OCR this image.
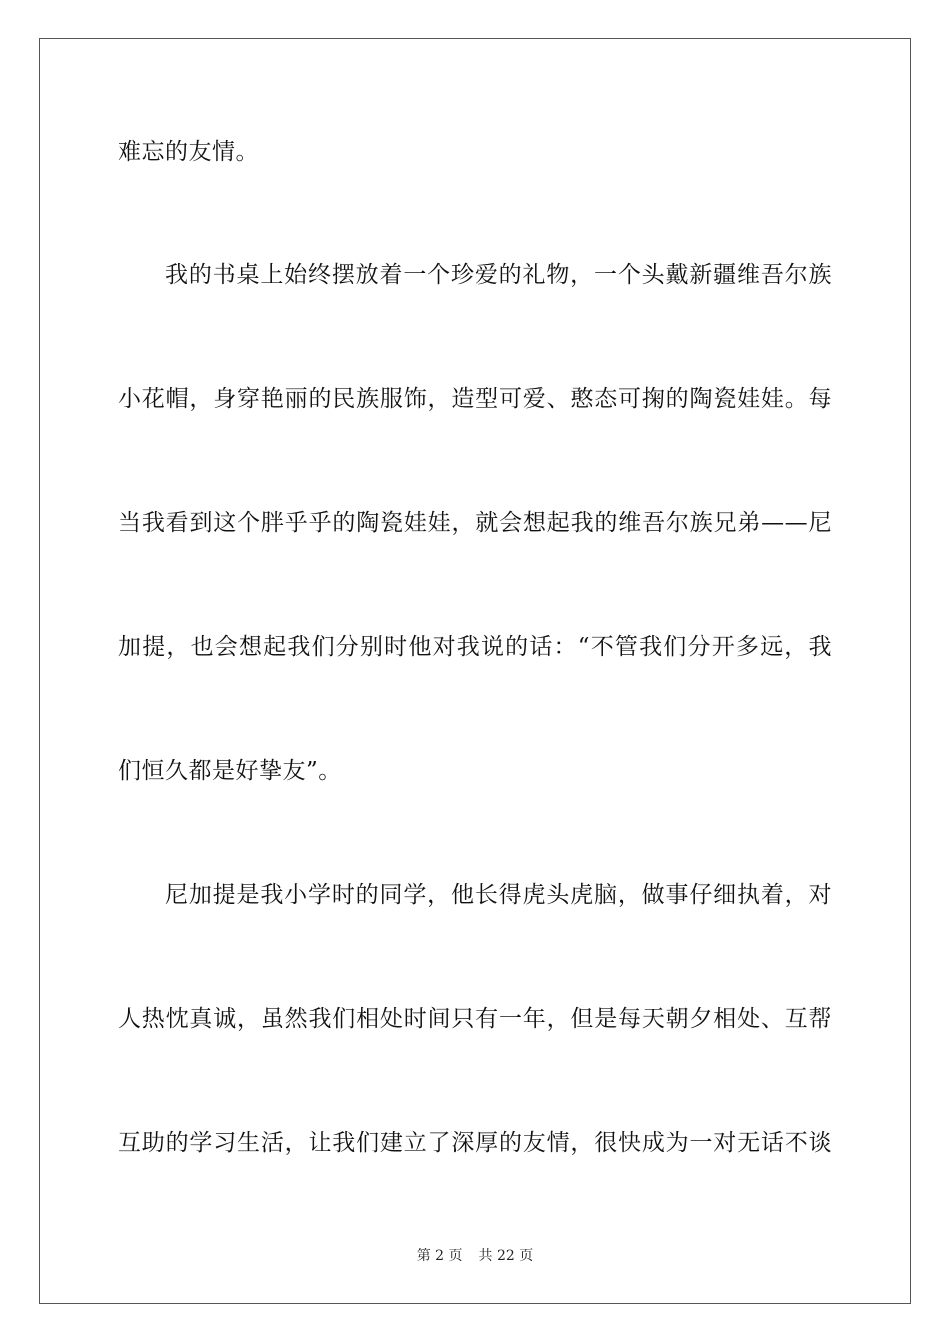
难忘的友情。
我的书桌上始终摆放着一个珍爱的礼物，一个头戴新疆维吾尔族
小花帽，身穿艳丽的民族服饰，造型可爱、憨态可掬的陶瓷娃娃。每
当我看到这个胖乎乎的陶瓷娃娃，就会想起我的维吾尔族兄弟——尼
加提，也会想起我们分别时他对我说的话：“不管我们分开多远，我
们恒久都是好挚友”。
尼加提是我小学时的同学，他长得虎头虎脑，做事仔细执着，对
人热忱真诚，虽然我们相处时间只有一年，但是每天朝夕相处、互帮
互助的学习生活，让我们建立了深厚的友情，很快成为一对无话不谈
第 2 页 共 22 页
